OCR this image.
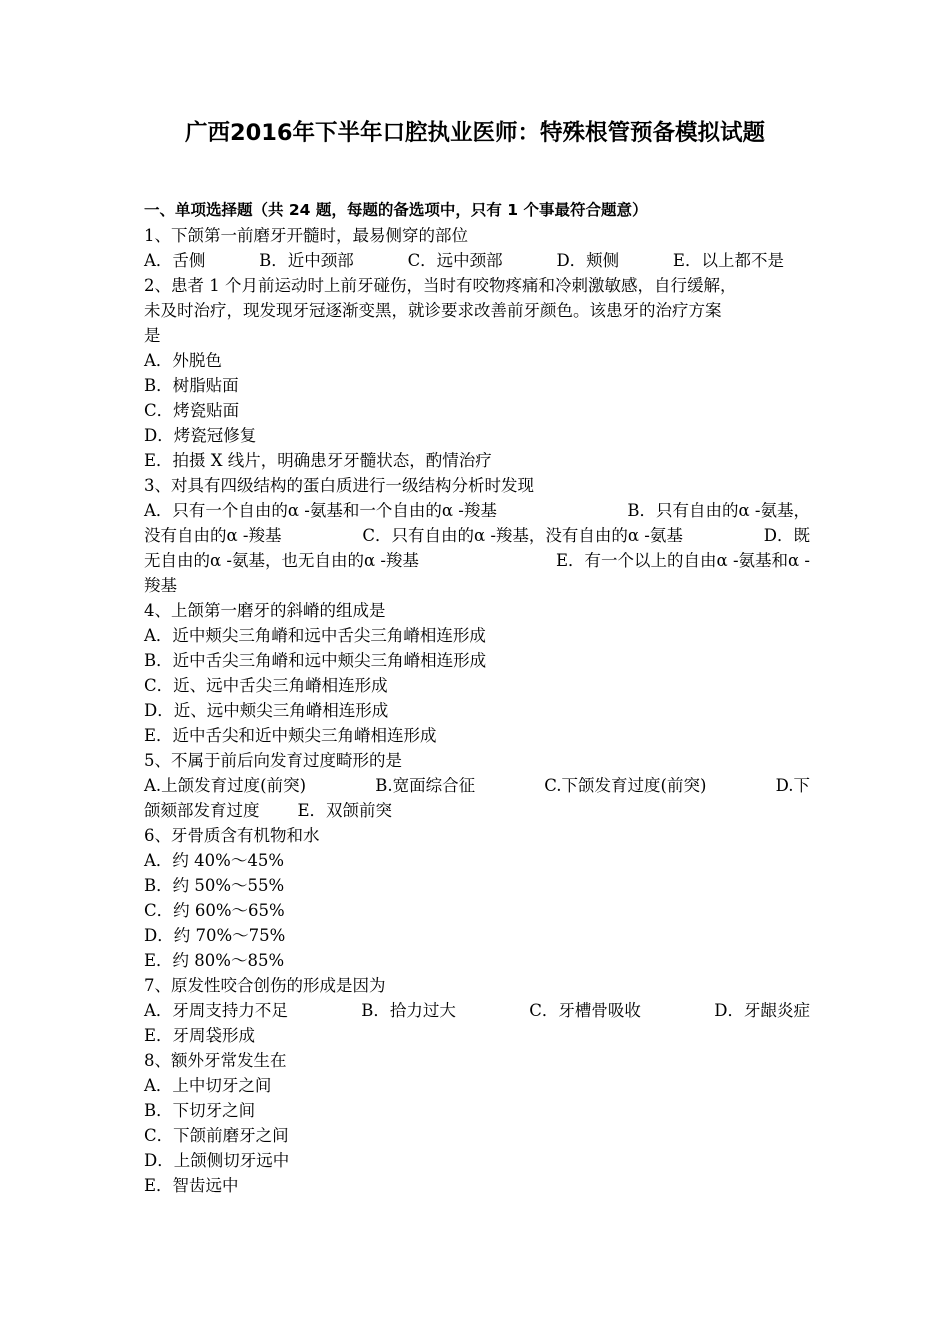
广西2016年下半年口腔执业医师：特殊根管预备模拟试题
一、单项选择题（共 24 题，每题的备选项中，只有 1 个事最符合题意）
1、下颌第一前磨牙开髓时，最易侧穿的部位
A．舌侧	B．近中颈部	C．远中颈部	D．颊侧	E．以上都不是
2、患者 1 个月前运动时上前牙碰伤，当时有咬物疼痛和冷刺激敏感，自行缓解，
未及时治疗，现发现牙冠逐渐变黑，就诊要求改善前牙颜色。该患牙的治疗方案
是
A．外脱色
B．树脂贴面
C．烤瓷贴面
D．烤瓷冠修复
E．拍摄 X 线片，明确患牙牙髓状态，酌情治疗
3、对具有四级结构的蛋白质进行一级结构分析时发现
A．只有一个自由的α -氨基和一个自由的α -羧基	B．只有自由的α -氨基，
没有自由的α -羧基	C．只有自由的α -羧基，没有自由的α -氨基	D．既
无自由的α -氨基，也无自由的α -羧基	E．有一个以上的自由α -氨基和α -
羧基
4、上颌第一磨牙的斜嵴的组成是
A．近中颊尖三角嵴和远中舌尖三角嵴相连形成
B．近中舌尖三角嵴和远中颊尖三角嵴相连形成
C．近、远中舌尖三角嵴相连形成
D．近、远中颊尖三角嵴相连形成
E．近中舌尖和近中颊尖三角嵴相连形成
5、不属于前后向发育过度畸形的是
A.上颌发育过度(前突)	B.宽面综合征	C.下颌发育过度(前突)	D.下
颌颏部发育过度 E．双颌前突
6、牙骨质含有机物和水
A．约 40%～45%
B．约 50%～55%
C．约 60%～65%
D．约 70%～75%
E．约 80%～85%
7、原发性咬合创伤的形成是因为
A．牙周支持力不足	B．拾力过大	C．牙槽骨吸收	D．牙龈炎症
E．牙周袋形成
8、额外牙常发生在
A．上中切牙之间
B．下切牙之间
C．下颌前磨牙之间
D．上颌侧切牙远中
E．智齿远中
